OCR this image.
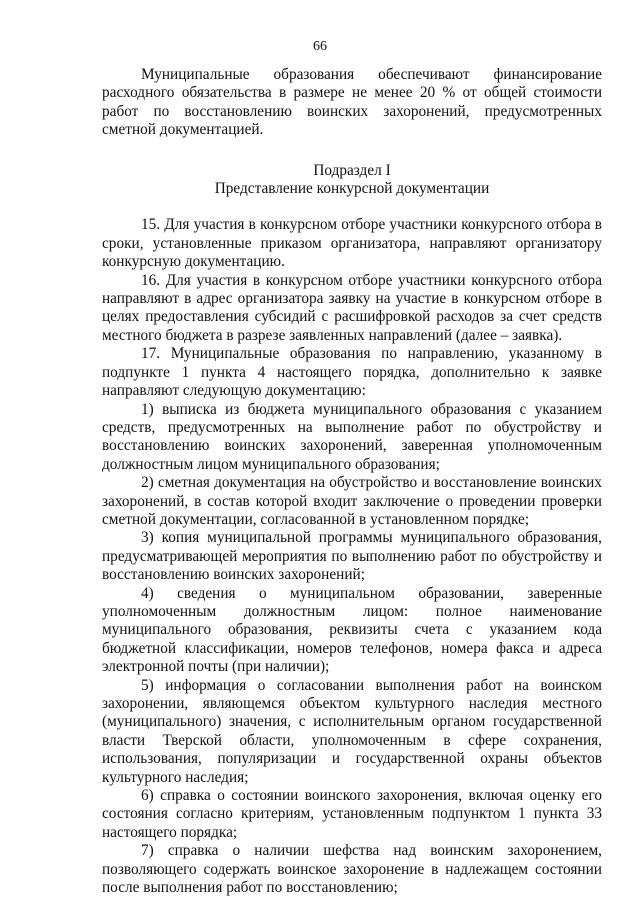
66

Муниципальные образования обеспечивают финансирование расходного обязательства в размере не менее 20 % от общей стоимости работ по восстановлению воинских захоронений, предусмотренных сметной документацией.

Подраздел I

Представление конкурсной документации

15. Для участия в конкурсном отборе участники конкурсного отбора в сроки, установленные приказом организатора, направляют организатору конкурсную документацию.

16. Для участия в конкурсном отборе участники конкурсного отбора направляют в адрес организатора заявку на участие в конкурсном отборе в целях предоставления субсидий с расшифровкой расходов за счет средств местного бюджета в разрезе заявленных направлений (далее – заявка).

17. Муниципальные образования по направлению, указанному в подпункте 1 пункта 4 настоящего порядка, дополнительно к заявке направляют следующую документацию:

1) выписка из бюджета муниципального образования с указанием средств, предусмотренных на выполнение работ по обустройству и восстановлению воинских захоронений, заверенная уполномоченным должностным лицом муниципального образования;

2) сметная документация на обустройство и восстановление воинских захоронений, в состав которой входит заключение о проведении проверки сметной документации, согласованной в установленном порядке;

3) копия муниципальной программы муниципального образования, предусматривающей мероприятия по выполнению работ по обустройству и восстановлению воинских захоронений;

4) сведения о муниципальном образовании, заверенные уполномоченным должностным лицом: полное наименование муниципального образования, реквизиты счета с указанием кода бюджетной классификации, номеров телефонов, номера факса и адреса электронной почты (при наличии);

5) информация о согласовании выполнения работ на воинском захоронении, являющемся объектом культурного наследия местного (муниципального) значения, с исполнительным органом государственной власти Тверской области, уполномоченным в сфере сохранения, использования, популяризации и государственной охраны объектов культурного наследия;

6) справка о состоянии воинского захоронения, включая оценку его состояния согласно критериям, установленным подпунктом 1 пункта 33 настоящего порядка;

7) справка о наличии шефства над воинским захоронением, позволяющего содержать воинское захоронение в надлежащем состоянии после выполнения работ по восстановлению;
